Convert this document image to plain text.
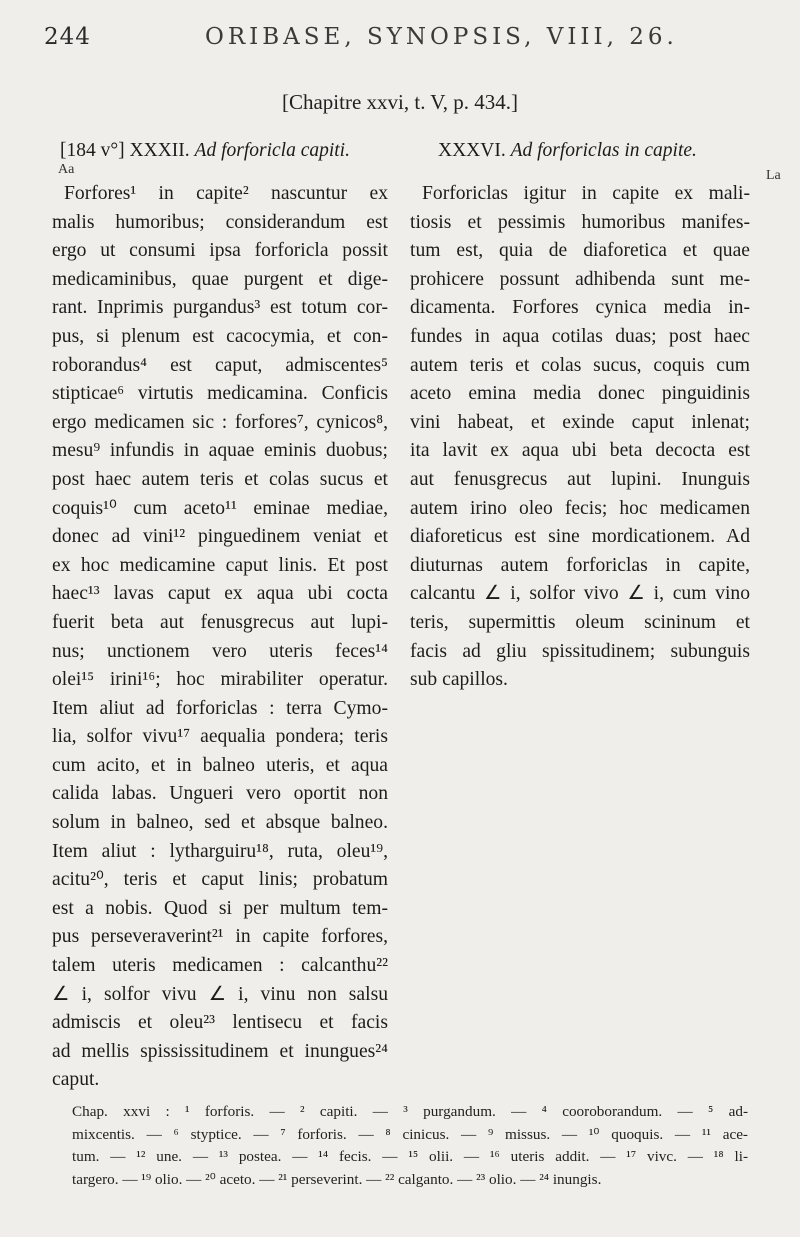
244	ORIBASE, SYNOPSIS, VIII, 26.
[Chapitre xxvi, t. V, p. 434.]
[184 v°] XXXII. Ad forforicla capiti.	XXXVI. Ad forforiclas in capite.
Aa	La
Forfores¹ in capite² nascuntur ex
malis humoribus; considerandum est
ergo ut consumi ipsa forforicla possit
medicaminibus, quae purgent et dige-
rant. Inprimis purgandus³ est totum cor-
pus, si plenum est cacocymia, et con-
roborandus⁴ est caput, admiscentes⁵
stipticae⁶ virtutis medicamina. Conficis
ergo medicamen sic : forfores⁷, cynicos⁸,
mesu⁹ infundis in aquae eminis duobus;
post haec autem teris et colas sucus et
coquis¹⁰ cum aceto¹¹ eminae mediae,
donec ad vini¹² pinguedinem veniat et
ex hoc medicamine caput linis. Et post
haec¹³ lavas caput ex aqua ubi cocta
fuerit beta aut fenusgrecus aut lupi-
nus; unctionem vero uteris feces¹⁴
olei¹⁵ irini¹⁶; hoc mirabiliter operatur.
Item aliut ad forforiclas : terra Cymo-
lia, solfor vivu¹⁷ aequalia pondera; teris
cum acito, et in balneo uteris, et aqua
calida labas. Ungueri vero oportit non
solum in balneo, sed et absque balneo.
Item aliut : lytharguiru¹⁸, ruta, oleu¹⁹,
acitu²⁰, teris et caput linis; probatum
est a nobis. Quod si per multum tem-
pus perseveraverint²¹ in capite forfores,
talem uteris medicamen : calcanthu²²
∠ i, solfor vivu ∠ i, vinu non salsu
admiscis et oleu²³ lentisecu et facis
ad mellis spississitudinem et inungues²⁴
caput.
Forforiclas igitur in capite ex mali-
tiosis et pessimis humoribus manifes-
tum est, quia de diaforetica et quae
prohicere possunt adhibenda sunt me-
dicamenta. Forfores cynica media in-
fundes in aqua cotilas duas; post haec
autem teris et colas sucus, coquis cum
aceto emina media donec pinguidinis
vini habeat, et exinde caput inlenat;
ita lavit ex aqua ubi beta decocta est
aut fenusgrecus aut lupini. Inunguis
autem irino oleo fecis; hoc medicamen
diaforeticus est sine mordicationem. Ad
diuturnas autem forforiclas in capite,
calcantu ∠ i, solfor vivo ∠ i, cum vino
teris, supermittis oleum scininum et
facis ad gliu spissitudinem; subunguis
sub capillos.
Chap. xxvi : ¹ forforis. — ² capiti. — ³ purgandum. — ⁴ cooroborandum. — ⁵ ad-
mixcentis. — ⁶ styptice. — ⁷ forforis. — ⁸ cinicus. — ⁹ missus. — ¹⁰ quoquis. — ¹¹ ace-
tum. — ¹² une. — ¹³ postea. — ¹⁴ fecis. — ¹⁵ olii. — ¹⁶ uteris addit. — ¹⁷ vivc. — ¹⁸ li-
targero. — ¹⁹ olio. — ²⁰ aceto. — ²¹ perseverint. — ²² calganto. — ²³ olio. — ²⁴ inungis.
